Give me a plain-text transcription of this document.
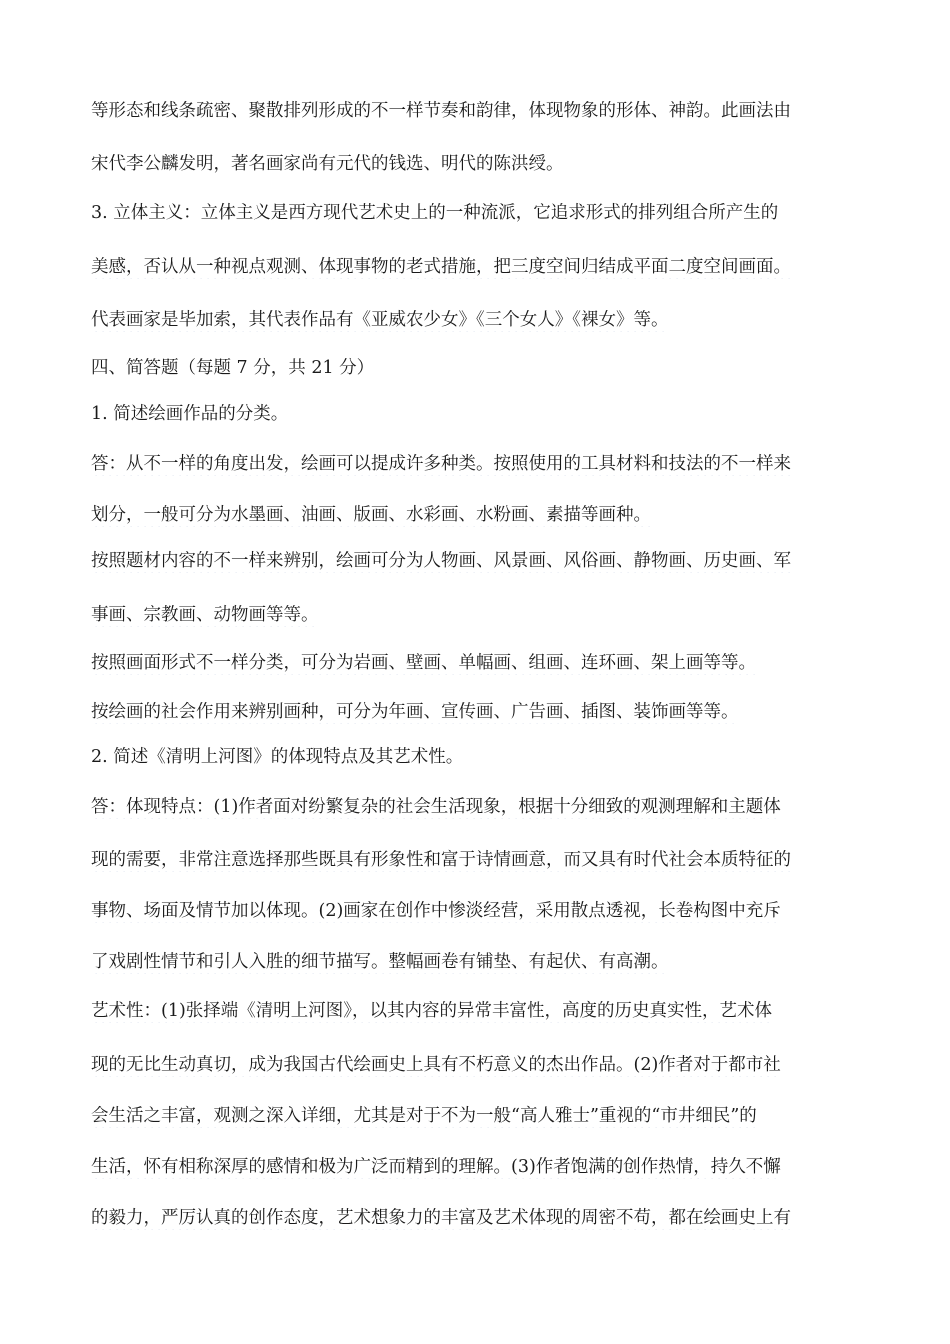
等形态和线条疏密、聚散排列形成的不一样节奏和韵律，体现物象的形体、神韵。此画法由
宋代李公麟发明，著名画家尚有元代的钱选、明代的陈洪绶。
3. 立体主义：立体主义是西方现代艺术史上的一种流派，它追求形式的排列组合所产生的
美感，否认从一种视点观测、体现事物的老式措施，把三度空间归结成平面二度空间画面。
代表画家是毕加索，其代表作品有《亚威农少女》《三个女人》《裸女》等。
四、简答题（每题 7 分，共 21 分）
1. 简述绘画作品的分类。
答：从不一样的角度出发，绘画可以提成许多种类。按照使用的工具材料和技法的不一样来
划分，一般可分为水墨画、油画、版画、水彩画、水粉画、素描等画种。
按照题材内容的不一样来辨别，绘画可分为人物画、风景画、风俗画、静物画、历史画、军
事画、宗教画、动物画等等。
按照画面形式不一样分类，可分为岩画、壁画、单幅画、组画、连环画、架上画等等。
按绘画的社会作用来辨别画种，可分为年画、宣传画、广告画、插图、装饰画等等。
2. 简述《清明上河图》的体现特点及其艺术性。
答：体现特点：(1)作者面对纷繁复杂的社会生活现象，根据十分细致的观测理解和主题体
现的需要，非常注意选择那些既具有形象性和富于诗情画意，而又具有时代社会本质特征的
事物、场面及情节加以体现。(2)画家在创作中惨淡经营，采用散点透视，长卷构图中充斥
了戏剧性情节和引人入胜的细节描写。整幅画卷有铺垫、有起伏、有高潮。
艺术性：(1)张择端《清明上河图》，以其内容的异常丰富性，高度的历史真实性，艺术体
现的无比生动真切，成为我国古代绘画史上具有不朽意义的杰出作品。(2)作者对于都市社
会生活之丰富，观测之深入详细，尤其是对于不为一般“高人雅士”重视的“市井细民”的
生活，怀有相称深厚的感情和极为广泛而精到的理解。(3)作者饱满的创作热情，持久不懈
的毅力，严厉认真的创作态度，艺术想象力的丰富及艺术体现的周密不苟，都在绘画史上有
